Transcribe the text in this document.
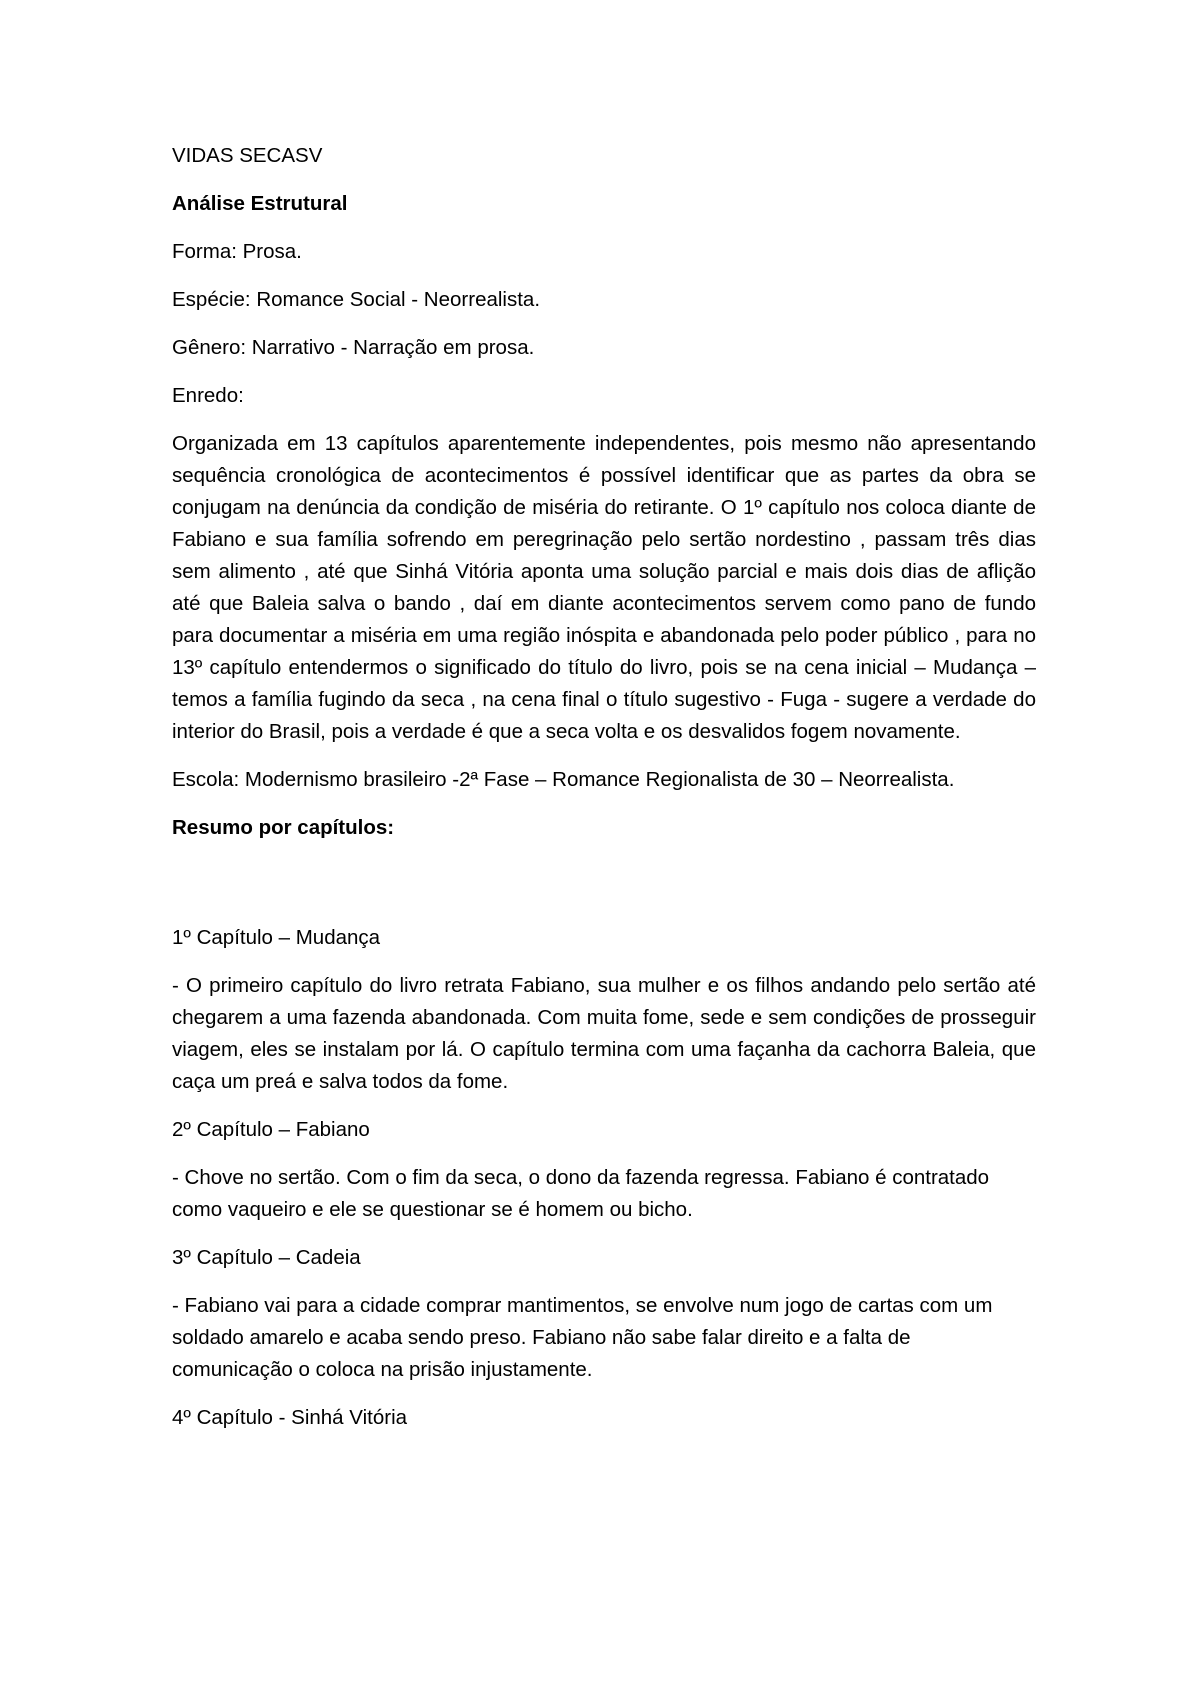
VIDAS SECASV

Análise Estrutural

Forma: Prosa.

Espécie: Romance Social - Neorrealista.

Gênero: Narrativo - Narração em prosa.

Enredo:

Organizada em 13 capítulos aparentemente independentes, pois mesmo não apresentando sequência cronológica de acontecimentos é possível identificar que as partes da obra se conjugam na denúncia da condição de miséria do retirante. O 1º capítulo nos coloca diante de Fabiano e sua família sofrendo em peregrinação pelo sertão nordestino , passam três dias sem alimento , até que Sinhá Vitória aponta uma solução parcial e mais dois dias de aflição até que Baleia salva o bando , daí em diante acontecimentos servem como pano de fundo para documentar a miséria em uma região inóspita e abandonada pelo poder público , para no 13º capítulo entendermos o significado do título do livro, pois se na cena inicial – Mudança – temos a família fugindo da seca , na cena final o título sugestivo - Fuga - sugere a verdade do interior do Brasil, pois a verdade é que a seca volta e os desvalidos fogem novamente.

Escola: Modernismo brasileiro -2ª Fase – Romance Regionalista de 30 – Neorrealista.

Resumo por capítulos:

1º Capítulo – Mudança

- O primeiro capítulo do livro retrata Fabiano, sua mulher e os filhos andando pelo sertão até chegarem a uma fazenda abandonada. Com muita fome, sede e sem condições de prosseguir viagem, eles se instalam por lá. O capítulo termina com uma façanha da cachorra Baleia, que caça um preá e salva todos da fome.

2º Capítulo – Fabiano

- Chove no sertão. Com o fim da seca, o dono da fazenda regressa. Fabiano é contratado como vaqueiro e ele se questionar se é homem ou bicho.

3º Capítulo – Cadeia

- Fabiano vai para a cidade comprar mantimentos, se envolve num jogo de cartas com um soldado amarelo e acaba sendo preso. Fabiano não sabe falar direito e a falta de comunicação o coloca na prisão injustamente.

4º Capítulo - Sinhá Vitória
